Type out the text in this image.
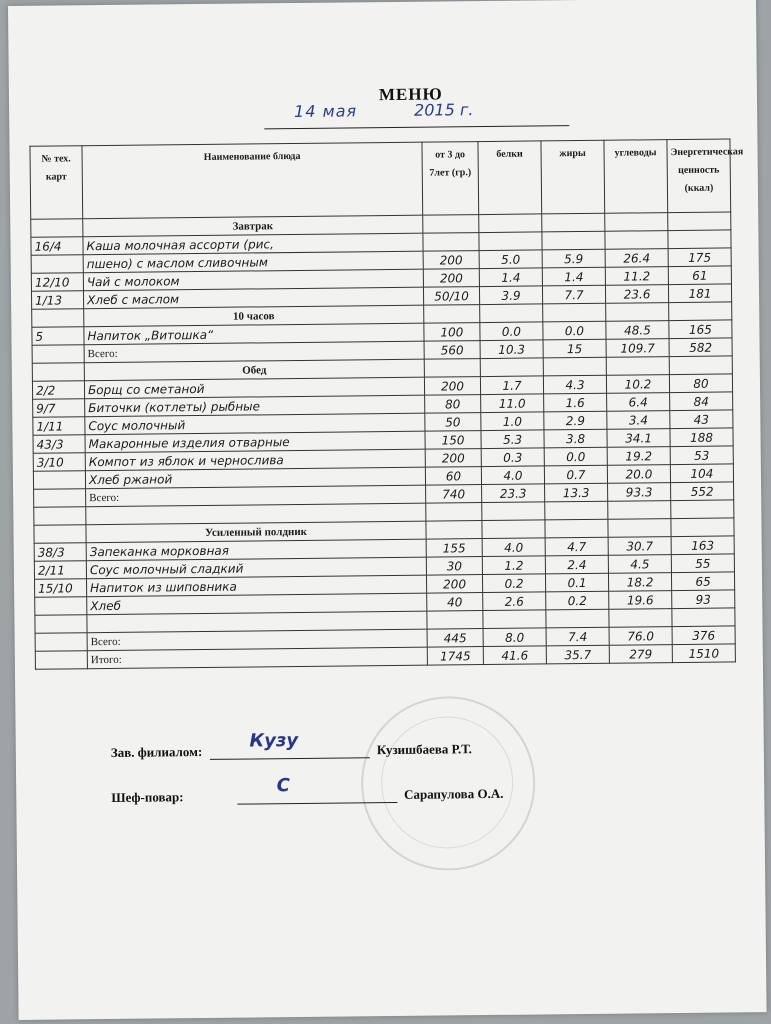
МЕНЮ
14 мая	2015 г.
№ тех. карт	Наименование блюда	от 3 до 7лет (гр.)	белки	жиры	углеводы	Энергетическая ценность (ккал)
	Завтрак					
16/4	Каша молочная ассорти (рис,					
	пшено) с маслом сливочным	200	5.0	5.9	26.4	175
12/10	Чай с молоком	200	1.4	1.4	11.2	61
1/13	Хлеб с маслом	50/10	3.9	7.7	23.6	181
	10 часов					
5	Напиток „Витошка“	100	0.0	0.0	48.5	165
	Всего:	560	10.3	15	109.7	582
	Обед					
2/2	Борщ со сметаной	200	1.7	4.3	10.2	80
9/7	Биточки (котлеты) рыбные	80	11.0	1.6	6.4	84
1/11	Соус молочный	50	1.0	2.9	3.4	43
43/3	Макаронные изделия отварные	150	5.3	3.8	34.1	188
3/10	Компот из яблок и чернослива	200	0.3	0.0	19.2	53
	Хлеб ржаной	60	4.0	0.7	20.0	104
	Всего:	740	23.3	13.3	93.3	552

	Усиленный полдник					
38/3	Запеканка морковная	155	4.0	4.7	30.7	163
2/11	Соус молочный сладкий	30	1.2	2.4	4.5	55
15/10	Напиток из шиповника	200	0.2	0.1	18.2	65
	Хлеб	40	2.6	0.2	19.6	93

	Всего:	445	8.0	7.4	76.0	376
	Итого:	1745	41.6	35.7	279	1510
Зав. филиалом:
Кузу	Кузишбаева Р.Т.
Шеф-повар:
С	Сарапулова О.А.
